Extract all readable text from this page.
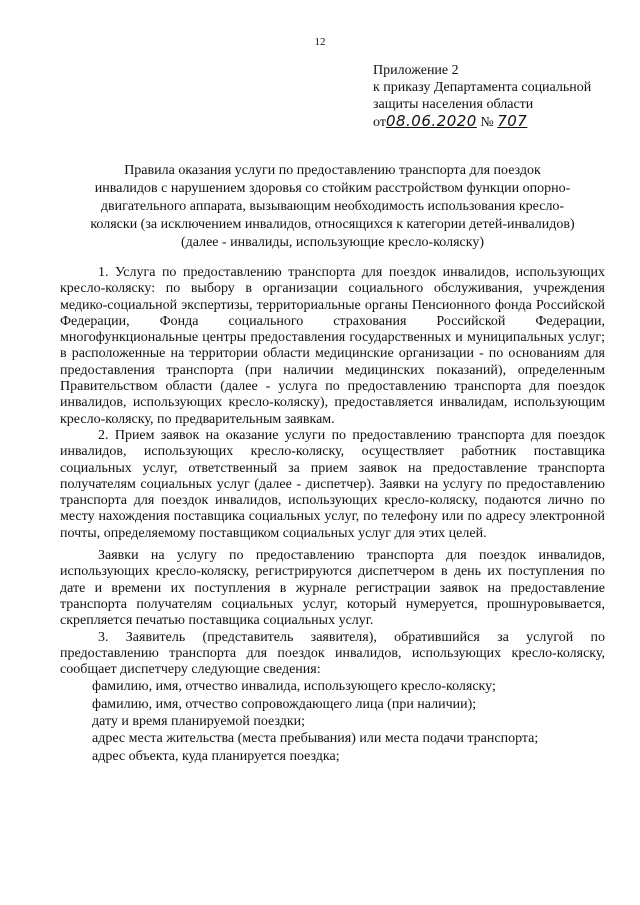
12
Приложение 2
к приказу Департамента социальной
защиты населения области
от08.06.2020 № 707
Правила оказания услуги по предоставлению транспорта для поездок
инвалидов с нарушением здоровья со стойким расстройством функции опорно-
двигательного аппарата, вызывающим необходимость использования кресло-
коляски (за исключением инвалидов, относящихся к категории детей-инвалидов)
(далее - инвалиды, использующие кресло-коляску)

1. Услуга по предоставлению транспорта для поездок инвалидов, использующих кресло-коляску: по выбору в организации социального обслуживания, учреждения медико-социальной экспертизы, территориальные органы Пенсионного фонда Российской Федерации, Фонда социального страхования Российской Федерации, многофункциональные центры предоставления государственных и муниципальных услуг; в расположенные на территории области медицинские организации - по основаниям для предоставления транспорта (при наличии медицинских показаний), определенным Правительством области (далее - услуга по предоставлению транспорта для поездок инвалидов, использующих кресло-коляску), предоставляется инвалидам, использующим кресло-коляску, по предварительным заявкам.

2. Прием заявок на оказание услуги по предоставлению транспорта для поездок инвалидов, использующих кресло-коляску, осуществляет работник поставщика социальных услуг, ответственный за прием заявок на предоставление транспорта получателям социальных услуг (далее - диспетчер). Заявки на услугу по предоставлению транспорта для поездок инвалидов, использующих кресло-коляску, подаются лично по месту нахождения поставщика социальных услуг, по телефону или по адресу электронной почты, определяемому поставщиком социальных услуг для этих целей.

Заявки на услугу по предоставлению транспорта для поездок инвалидов, использующих кресло-коляску, регистрируются диспетчером в день их поступления по дате и времени их поступления в журнале регистрации заявок на предоставление транспорта получателям социальных услуг, который нумеруется, прошнуровывается, скрепляется печатью поставщика социальных услуг.

3. Заявитель (представитель заявителя), обратившийся за услугой по предоставлению транспорта для поездок инвалидов, использующих кресло-коляску, сообщает диспетчеру следующие сведения:

фамилию, имя, отчество инвалида, использующего кресло-коляску;

фамилию, имя, отчество сопровождающего лица (при наличии);

дату и время планируемой поездки;

адрес места жительства (места пребывания) или места подачи транспорта;

адрес объекта, куда планируется поездка;
